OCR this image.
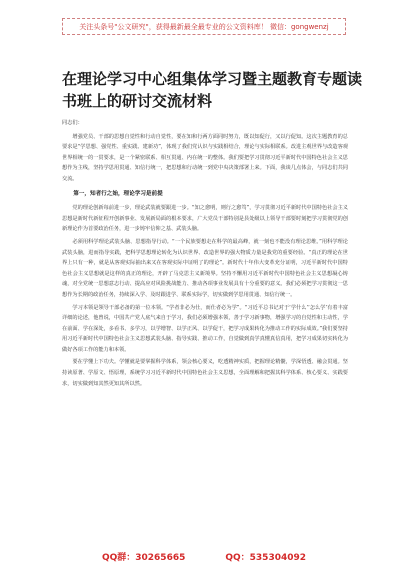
关注头条号"公文研究"，获得最新最全最专业的公文资料库！ 微信：gongwenzj
在理论学习中心组集体学习暨主题教育专题读书班上的研讨交流材料

同志们：

增强党员、干部的思想自觉性和行动自觉性，要在知和行两方面同时努力，既以知促行，又以行促知。这次主题教育的总要求是“学思想、强党性、重实践、建新功”，体现了我们党认识与实践相结合，理论与实际相联系。改进主观世界与改造客观世界相统一的一贯要求，是一个紧密联系、相互贯通、内在统一的整体。我们要把学习贯彻习近平新时代中国特色社会主义思想作为主线，坚持学思用贯通、知信行统一，把思想和行动统一到党中央决策部署上来。下面，我谈几点体会，与同志们共同交流。

第一，知者行之始，理论学习是前提

党的理论创新每前进一步，理论武装就要跟进一步。“知之愈明，则行之愈笃”，学习贯彻习近平新时代中国特色社会主义思想是新时代新征程开创新事业、发展新局面的根本要求，广大党员干部特别是县处级以上领导干部要时刻把学习贯彻党的创新理论作为首要政治任务，进一步铸牢信仰之基、武装头脑。

必须用科学理论武装头脑、思想指导行动。“一个民族要想走在科学的最高峰，就一刻也不能没有理论思维。”用科学理论武装头脑，进而指导实践，把科学思想理论转化为认识世界、改造世界的强大物质力量是我党的重要经验。“真正的理论在世界上只有一种，就是从客观实际抽出来又在客观实际中证明了的理论”。新时代十年伟大变革充分证明，习近平新时代中国特色社会主义思想就是这样的真正的理论，开辟了马克思主义新境界。坚持不懈用习近平新时代中国特色社会主义思想凝心铸魂，对全党统一思想意志行动、提高应对风险挑战能力、推动各项事业发展具有十分重要的意义。我们必须把学习贯彻这一思想作为长期的政治任务，持续深入学、及时跟进学、联系实际学，切实做到学思用贯通、知信行统一。

学习本领是领导干部必备的第一位本领。“学者非必为仕，而仕者必为学”。“习近平总书记对于‘学什么’‘怎么学’有着丰富详细的论述，他曾说，中国共产党人底气来自于学习，我们必须增强本领，善于学习新事物，增强学习的自觉性和主动性，学在前面、学在深处，多看书、多学习，以学增智、以学正风、以学促干，把学习成果转化为推动工作的实际成效。”我们要坚持用习近平新时代中国特色社会主义思想武装头脑、指导实践、推动工作，自觉做到真学真懂真信真用，把学习成果切实转化为做好各项工作的能力和本领。

要在学懂上下功夫。学懂就是要掌握科学体系，领会核心要义，吃透精神实质，把握理论精髓，学深悟透、融会贯通。坚持读原著、学原文、悟原理，系统学习习近平新时代中国特色社会主义思想，全面理解和把握其科学体系、核心要义、实践要求，切实做到知其然更知其所以然。

QQ群：30265665	QQ：535304092
